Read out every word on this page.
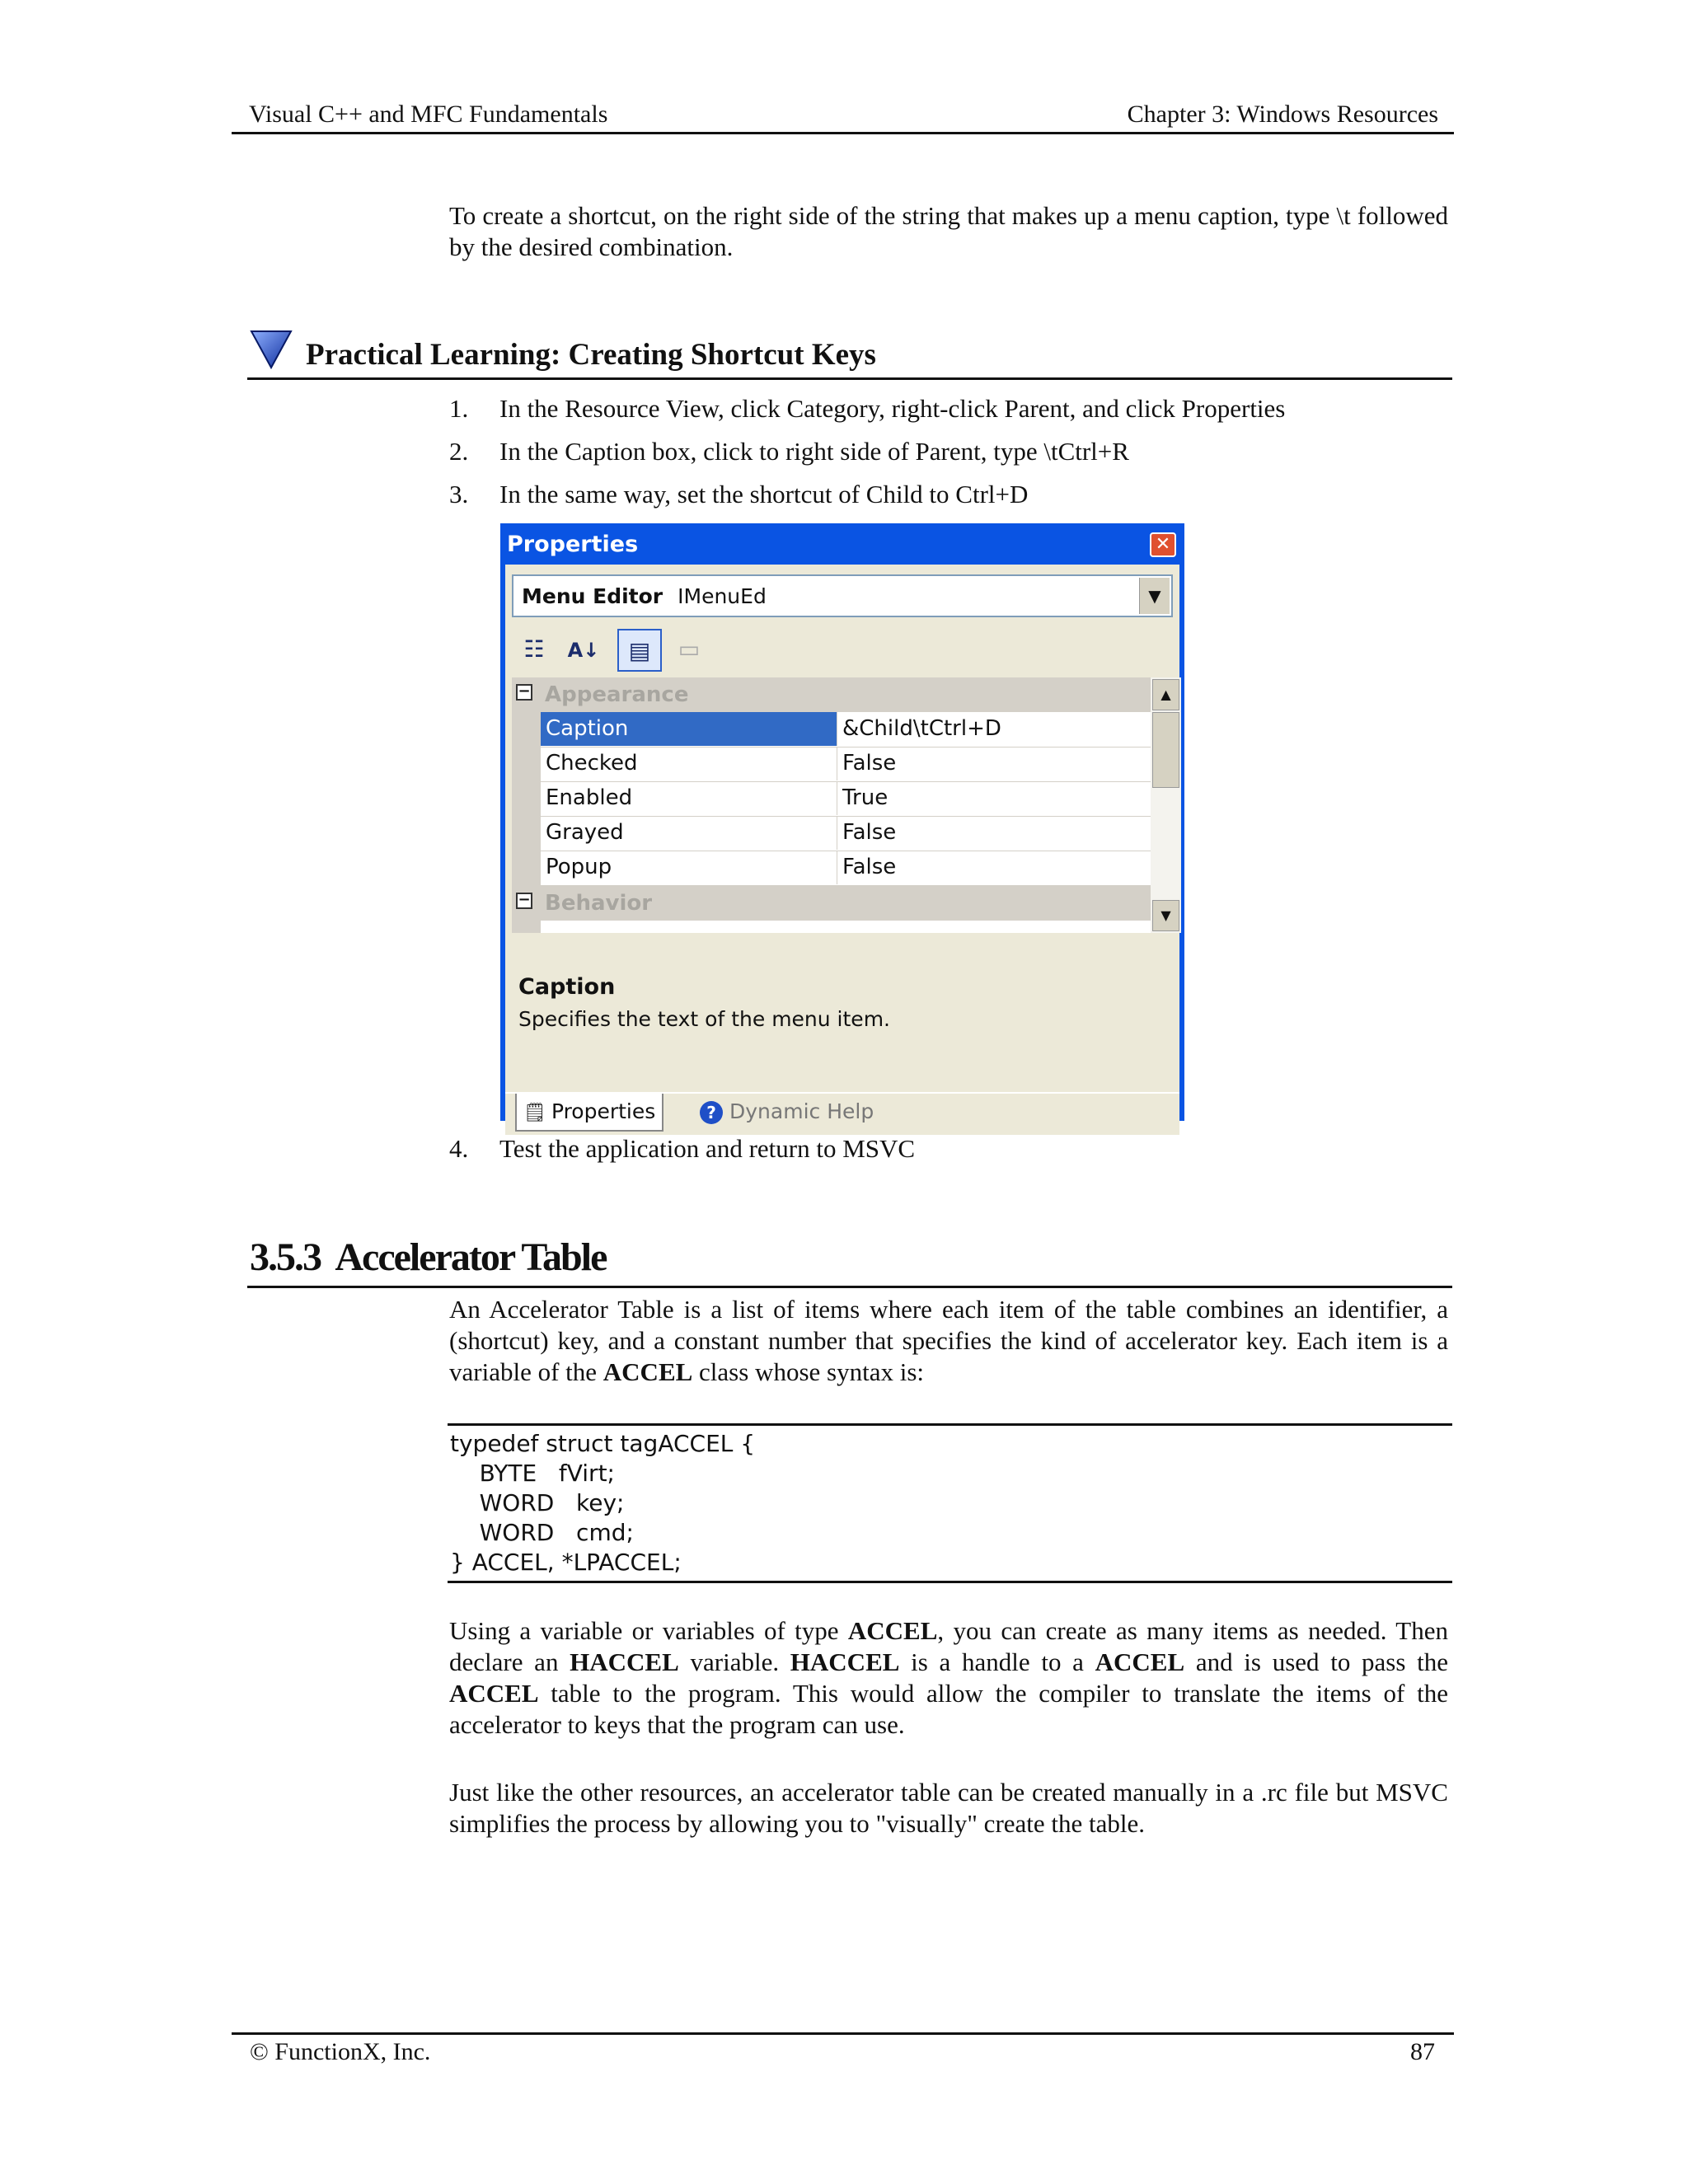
Visual C++ and MFC Fundamentals	Chapter 3: Windows Resources
To create a shortcut, on the right side of the string that makes up a menu caption, type \t followed by the desired combination.
Practical Learning: Creating Shortcut Keys
1. In the Resource View, click Category, right-click Parent, and click Properties
2. In the Caption box, click to right side of Parent, type \tCtrl+R
3. In the same way, set the shortcut of Child to Ctrl+D
Properties	✕
Menu Editor IMenuEd	▼
☷	A↓	▤	▭
− Appearance
Caption	&Child\tCtrl+D
Checked	False
Enabled	True
Grayed	False
Popup	False
− Behavior
▲
▼
Caption
Specifies the text of the menu item.
🗒 Properties	? Dynamic Help
4. Test the application and return to MSVC
3.5.3  Accelerator Table
An Accelerator Table is a list of items where each item of the table combines an identifier, a (shortcut) key, and a constant number that specifies the kind of accelerator key. Each item is a variable of the ACCEL class whose syntax is:
typedef struct tagACCEL {
BYTE   fVirt;
WORD   key;
WORD   cmd;
} ACCEL, *LPACCEL;
Using a variable or variables of type ACCEL, you can create as many items as needed. Then declare an HACCEL variable. HACCEL is a handle to a ACCEL and is used to pass the ACCEL table to the program. This would allow the compiler to translate the items of the accelerator to keys that the program can use.
Just like the other resources, an accelerator table can be created manually in a .rc file but MSVC simplifies the process by allowing you to "visually" create the table.
© FunctionX, Inc.	87
